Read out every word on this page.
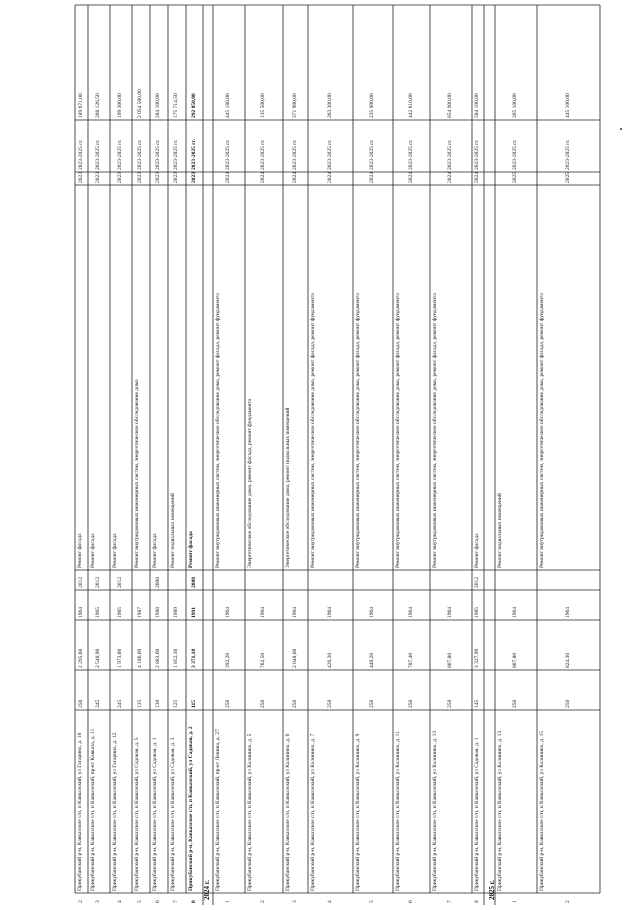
2
Прикубанский р-н, Кавказское с/п, п Кавказский, ул Гагарина, д. 10
250
2 295,60
1964
2012
Ремонт фасада
2023
2023-2025 гг.
189 671,00
3
Прикубанский р-н, Кавказское с/п, п Кавказский, пр-кт Кавказа, д. 11
245
2 540,90
1965
2012
Ремонт фасада
2023
2023-2025 гг.
208 126,50
4
Прикубанский р-н, Кавказское с/п, п Кавказский, ул Гагарина, д. 12
245
1 973,00
1965
2012
Ремонт фасада
2023
2023-2025 гг.
199 300,00
5
Прикубанский р-н, Кавказское с/п, п Кавказский, ул Садовая, д. 5
135
4 186,60
1987
Ремонт внутридомовых инженерных систем, энергетическое обследование дома
2023
2023-2025 гг.
2 054 500,00
6
Прикубанский р-н, Кавказское с/п, п Кавказский, ул Садовая, д. 1
130
2 883,60
1988
2008
Ремонт фасада
2023
2023-2025 гг.
284 100,00
7
Прикубанский р-н, Кавказское с/п, п Кавказский, ул Садовая, д. 3
125
1 852,30
1989
Ремонт подвальных помещений
2023
2023-2025 гг.
175 714,50
8
Прикубанский р-н, Кавказское с/п, п Кавказский, ул Садовая, д. 2
115
3 371,10
1991
2008
Ремонт фасада
2023
2023-2025 гг.
292 050,00
1
Прикубанский р-н, Кавказское с/п, п Кавказский, пр-кт Ленина, д. 27
250
392,20
1964
Ремонт внутридомовых инженерных систем, энергетическое обследование дома, ремонт фасада, ремонт фундамента
2024
2023-2025 гг.
445 188,00
2
Прикубанский р-н, Кавказское с/п, п Кавказский, ул Калинина, д. 5
250
702,50
1964
Энергетическое обследование дома, ремонт фасада, ремонт фундамента
2024
2023-2025 гг.
135 500,00
3
Прикубанский р-н, Кавказское с/п, п Кавказский, ул Калинина, д. 6
250
2 048,60
1964
Энергетическое обследование дома, ремонт подвальных помещений
2024
2023-2025 гг.
371 900,00
4
Прикубанский р-н, Кавказское с/п, п Кавказский, ул Калинина, д. 7
250
426,30
1964
Ремонт внутридомовых инженерных систем, энергетическое обследование дома, ремонт фасада, ремонт фундамента
2024
2023-2025 гг.
263 300,00
5
Прикубанский р-н, Кавказское с/п, п Кавказский, ул Калинина, д. 9
250
440,20
1964
Ремонт внутридомовых инженерных систем, энергетическое обследование дома, ремонт фасада, ремонт фундамента
2024
2023-2025 гг.
235 900,00
6
Прикубанский р-н, Кавказское с/п, п Кавказский, ул Калинина, д. 11
250
787,40
1964
Ремонт внутридомовых инженерных систем, энергетическое обследование дома, ремонт фасада, ремонт фундамента
2024
2023-2025 гг.
442 010,00
7
Прикубанский р-н, Кавказское с/п, п Кавказский, ул Калинина, д. 13
250
807,80
1964
Ремонт внутридомовых инженерных систем, энергетическое обследование дома, ремонт фасада, ремонт фундамента
2024
2023-2025 гг.
854 900,00
8
Прикубанский р-н, Кавказское с/п, п Кавказский, ул Садовая, д. 1
145
3 327,90
1985
2012
Ремонт фасада
2024
2023-2025 гг.
584 100,00
1
Прикубанский р-н, Кавказское с/п, п Кавказский, ул Калинина, д. 13
250
807,80
1964
Ремонт подвальных помещений
2025
2023-2025 гг.
265 100,00
2
Прикубанский р-н, Кавказское с/п, п Кавказский, ул Калинина, д. 15
250
824,30
1964
Ремонт внутридомовых инженерных систем, энергетическое обследование дома, ремонт фасада, ремонт фундамента
2025
2023-2025 гг.
445 100,00
2024 г.	2025 г.
